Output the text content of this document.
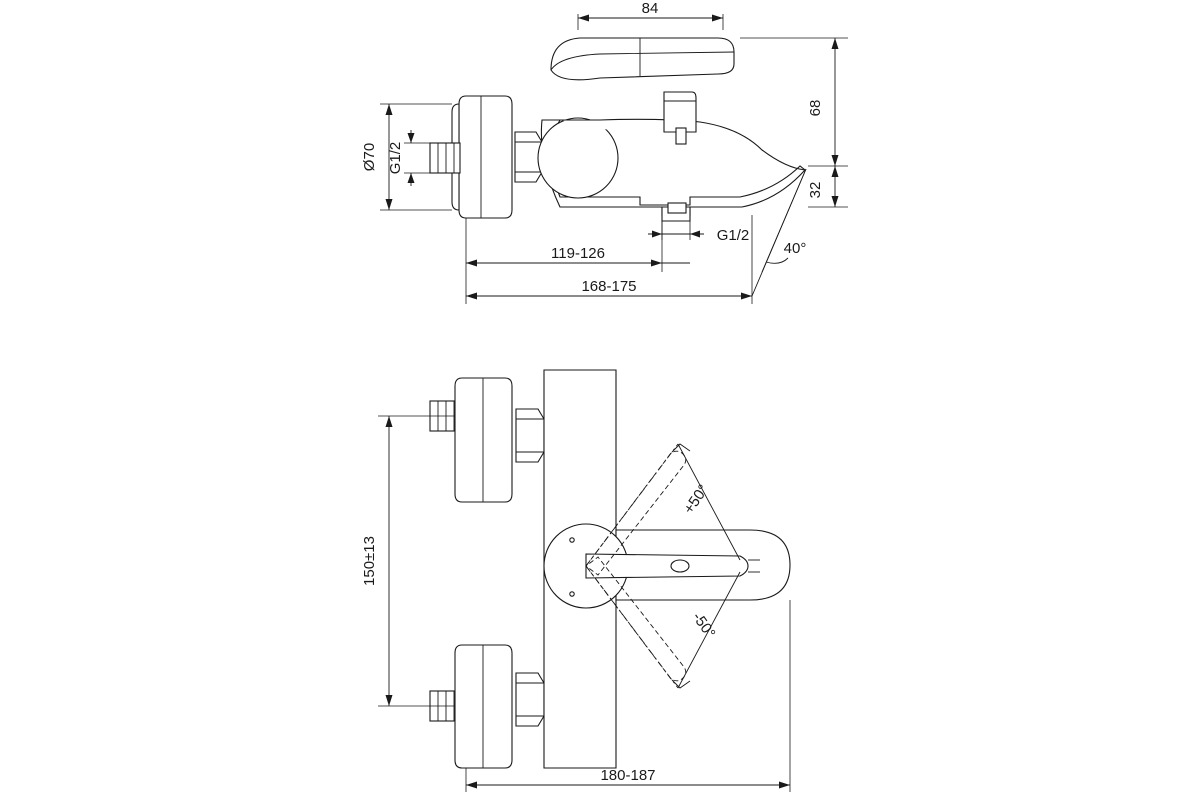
84
68
32
Ø70 G1/2
G1/2
119-126
168-175
40°
+50°
-50°
150±13
180-187
